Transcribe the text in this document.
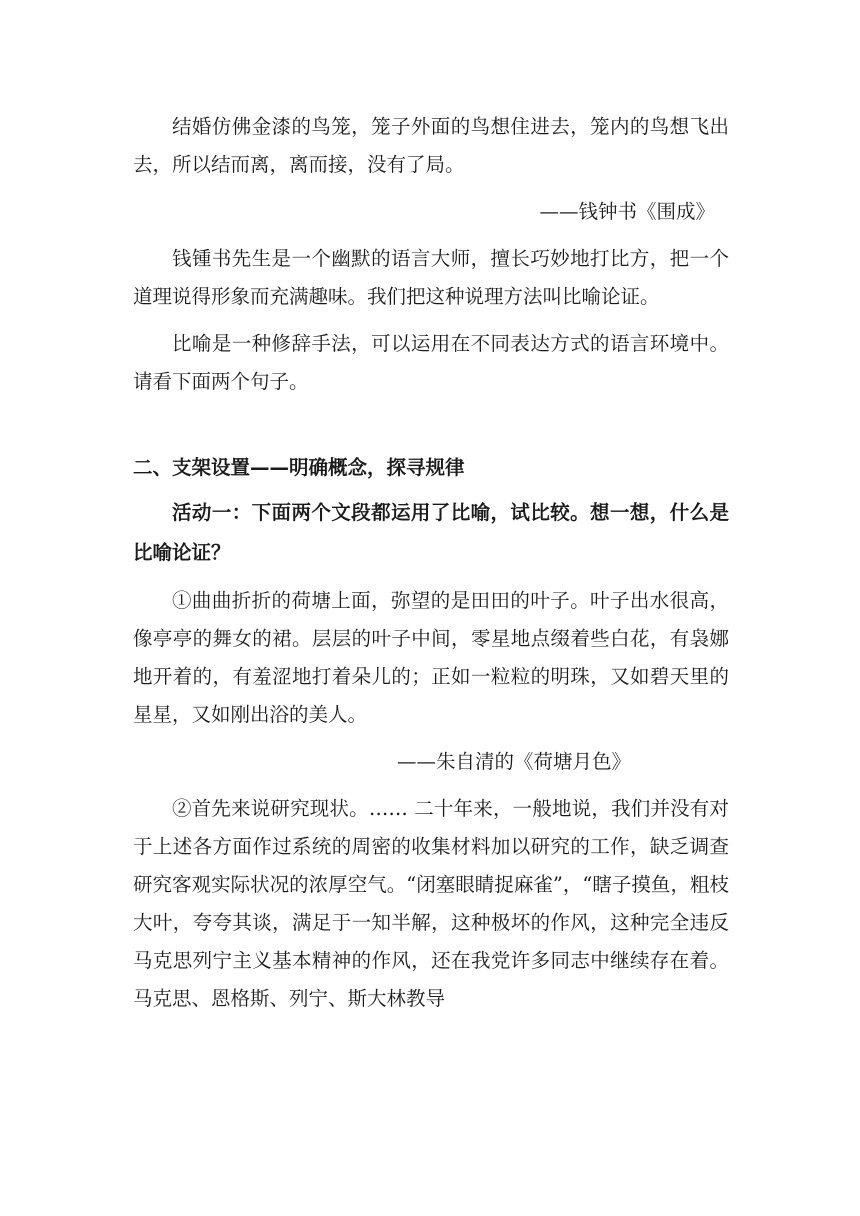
结婚仿佛金漆的鸟笼，笼子外面的鸟想住进去，笼内的鸟想飞出去，所以结而离，离而接，没有了局。

——钱钟书《围成》

钱锺书先生是一个幽默的语言大师，擅长巧妙地打比方，把一个道理说得形象而充满趣味。我们把这种说理方法叫比喻论证。

比喻是一种修辞手法，可以运用在不同表达方式的语言环境中。请看下面两个句子。

二、支架设置——明确概念，探寻规律

活动一：下面两个文段都运用了比喻，试比较。想一想，什么是比喻论证？

①曲曲折折的荷塘上面，弥望的是田田的叶子。叶子出水很高，像亭亭的舞女的裙。层层的叶子中间，零星地点缀着些白花，有袅娜地开着的，有羞涩地打着朵儿的；正如一粒粒的明珠，又如碧天里的星星，又如刚出浴的美人。

——朱自清的《荷塘月色》

②首先来说研究现状。…… 二十年来，一般地说，我们并没有对于上述各方面作过系统的周密的收集材料加以研究的工作，缺乏调查研究客观实际状况的浓厚空气。“闭塞眼睛捉麻雀”，“瞎子摸鱼，粗枝大叶，夸夸其谈，满足于一知半解，这种极坏的作风，这种完全违反马克思列宁主义基本精神的作风，还在我党许多同志中继续存在着。马克思、恩格斯、列宁、斯大林教导
